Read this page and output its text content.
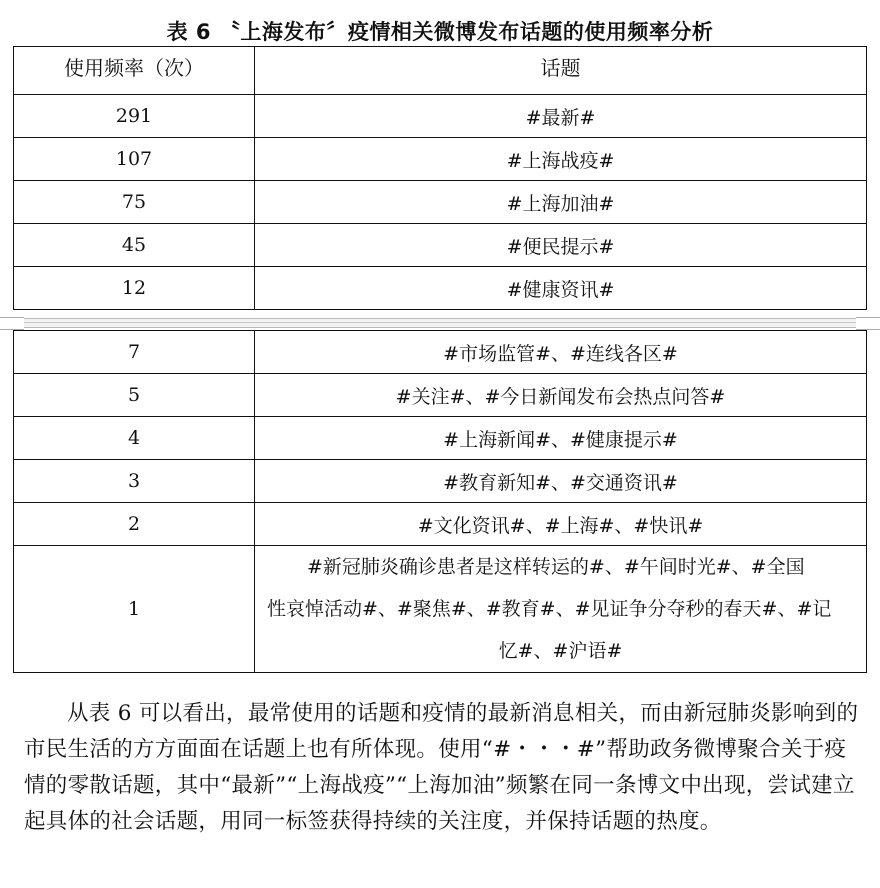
表 6 〝上海发布〞疫情相关微博发布话题的使用频率分析
使用频率（次）	话题
291	#最新#
107	#上海战疫#
75	#上海加油#
45	#便民提示#
12	#健康资讯#
7	#市场监管#、#连线各区#
5	#关注#、#今日新闻发布会热点问答#
4	#上海新闻#、#健康提示#
3	#教育新知#、#交通资讯#
2	#文化资讯#、#上海#、#快讯#
1	#新冠肺炎确诊患者是这样转运的#、#午间时光#、#全国
性哀悼活动#、#聚焦#、#教育#、#见证争分夺秒的春天#、#记
忆#、#沪语#

从表 6 可以看出，最常使用的话题和疫情的最新消息相关，而由新冠肺炎影响到的市民生活的方方面面在话题上也有所体现。使用“#・・・#”帮助政务微博聚合关于疫情的零散话题，其中“最新”“上海战疫”“上海加油”频繁在同一条博文中出现，尝试建立起具体的社会话题，用同一标签获得持续的关注度，并保持话题的热度。
